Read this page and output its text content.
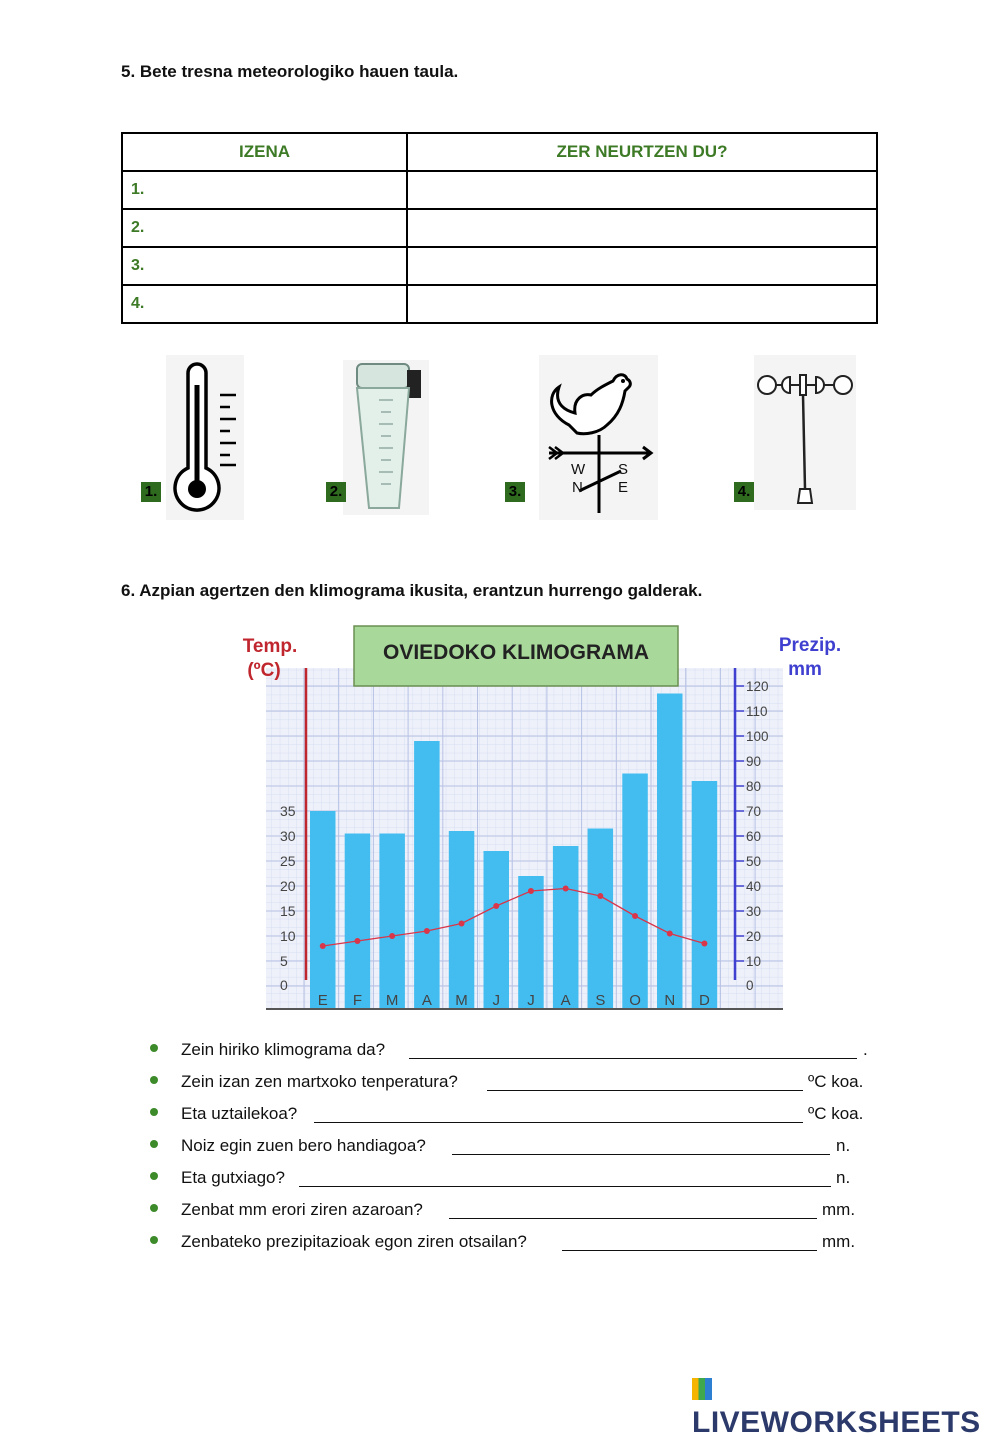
5. Bete tresna meteorologiko hauen taula.
IZENA	ZER NEURTZEN DU?
1.	
2.	
3.	
4.	
1.	2.
W S
N E
3.	4.
6. Azpian agertzen den klimograma ikusita, erantzun hurrengo galderak.
0
5
10
15
20
25
30
35
0
10
20
30
40
50
60
70
80
90
100
110
120
E F M A M J J A S O N D
OVIEDOKO KLIMOGRAMA
Temp.
(ºC)
Prezip.
mm
Zein hiriko klimograma da?	.
Zein izan zen martxoko tenperatura?	ºC koa.
Eta uztailekoa?	ºC koa.
Noiz egin zuen bero handiagoa?	n.
Eta gutxiago?	n.
Zenbat mm erori ziren azaroan?	mm.
Zenbateko prezipitazioak egon ziren otsailan?	mm.
LIVEWORKSHEETS
